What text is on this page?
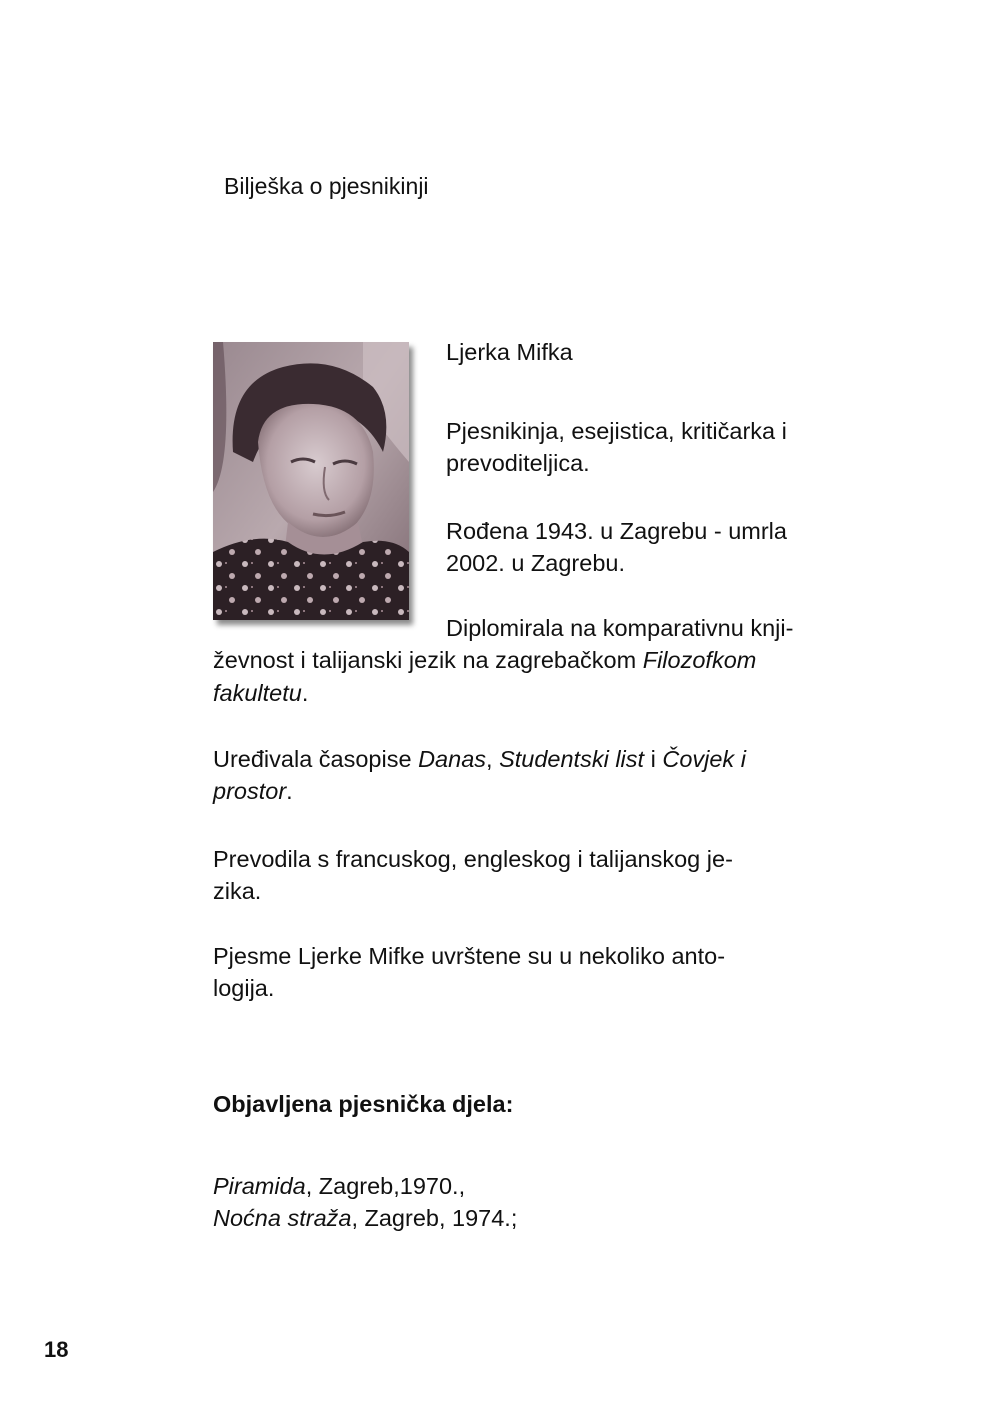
Bilješka o pjesnikinji
Ljerka Mifka
Pjesnikinja, esejistica, kritičarka i
prevoditeljica.
Rođena 1943. u Zagrebu - umrla
2002. u Zagrebu.
Diplomirala na komparativnu knji-
ževnost i talijanski jezik na zagrebačkom Filozofkom
fakultetu.
Uređivala časopise Danas, Studentski list i Čovjek i
prostor.
Prevodila s francuskog, engleskog i talijanskog je-
zika.
Pjesme Ljerke Mifke uvrštene su u nekoliko anto-
logija.
Objavljena pjesnička djela:
Piramida, Zagreb,1970.,
Noćna straža, Zagreb, 1974.;
18
